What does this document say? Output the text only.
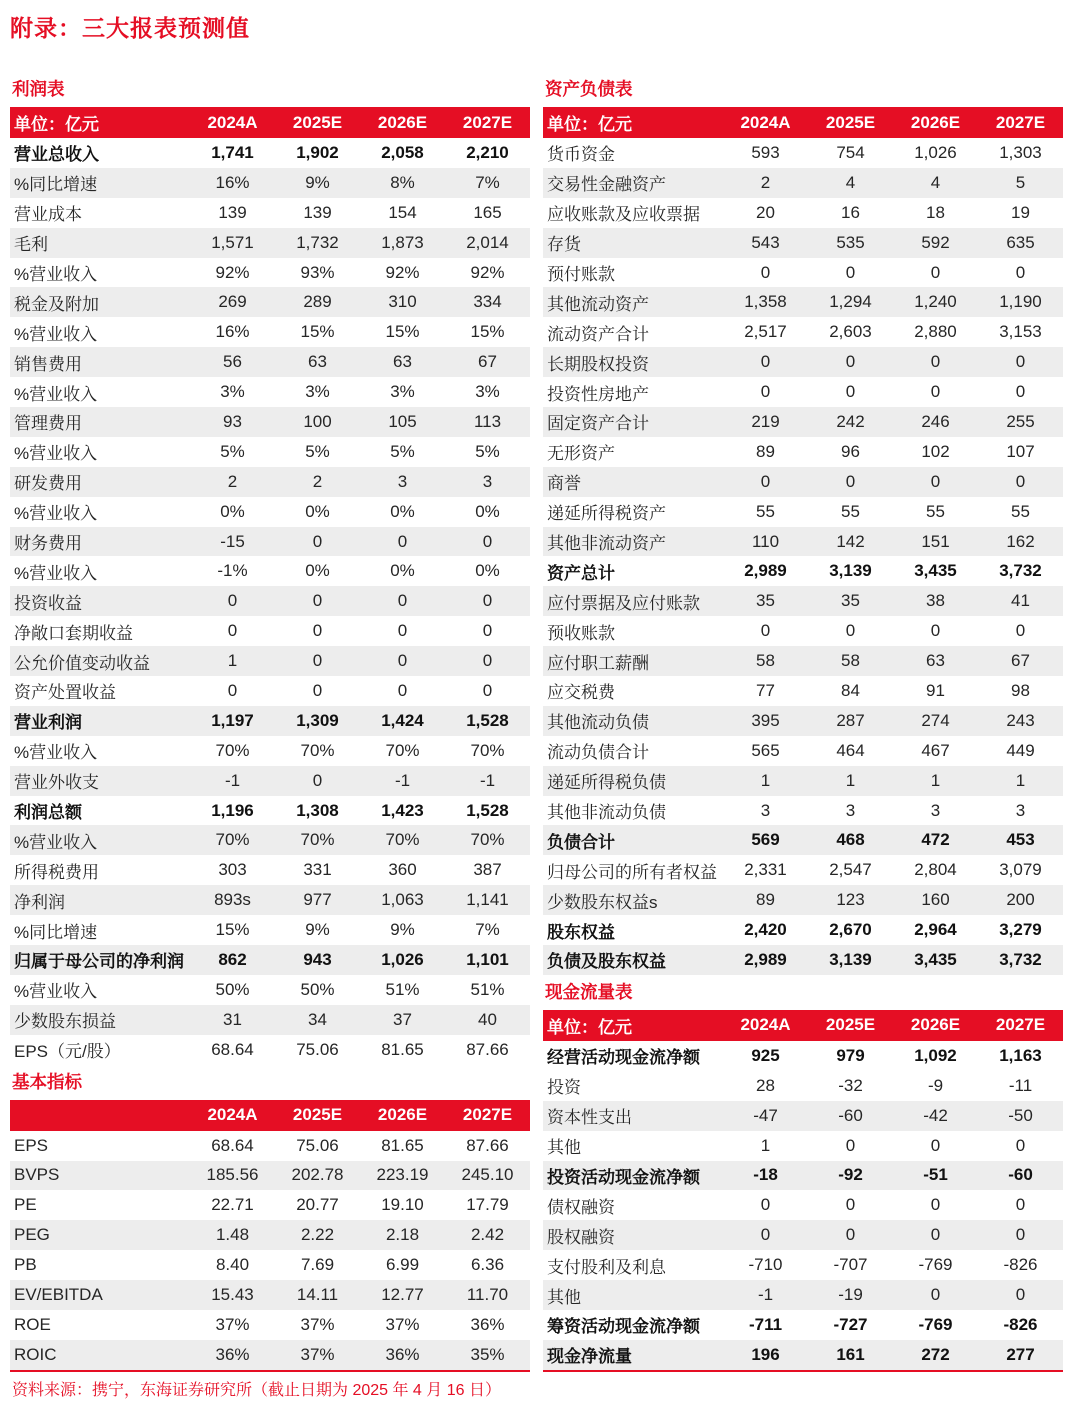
附录：三大报表预测值
利润表
单位：亿元	2024A	2025E	2026E	2027E
营业总收入	1,741	1,902	2,058	2,210
%同比增速	16%	9%	8%	7%
营业成本	139	139	154	165
毛利	1,571	1,732	1,873	2,014
%营业收入	92%	93%	92%	92%
税金及附加	269	289	310	334
%营业收入	16%	15%	15%	15%
销售费用	56	63	63	67
%营业收入	3%	3%	3%	3%
管理费用	93	100	105	113
%营业收入	5%	5%	5%	5%
研发费用	2	2	3	3
%营业收入	0%	0%	0%	0%
财务费用	-15	0	0	0
%营业收入	-1%	0%	0%	0%
投资收益	0	0	0	0
净敞口套期收益	0	0	0	0
公允价值变动收益	1	0	0	0
资产处置收益	0	0	0	0
营业利润	1,197	1,309	1,424	1,528
%营业收入	70%	70%	70%	70%
营业外收支	-1	0	-1	-1
利润总额	1,196	1,308	1,423	1,528
%营业收入	70%	70%	70%	70%
所得税费用	303	331	360	387
净利润	893s	977	1,063	1,141
%同比增速	15%	9%	9%	7%
归属于母公司的净利润	862	943	1,026	1,101
%营业收入	50%	50%	51%	51%
少数股东损益	31	34	37	40
EPS（元/股）	68.64	75.06	81.65	87.66
基本指标
	2024A	2025E	2026E	2027E
EPS	68.64	75.06	81.65	87.66
BVPS	185.56	202.78	223.19	245.10
PE	22.71	20.77	19.10	17.79
PEG	1.48	2.22	2.18	2.42
PB	8.40	7.69	6.99	6.36
EV/EBITDA	15.43	14.11	12.77	11.70
ROE	37%	37%	37%	36%
ROIC	36%	37%	36%	35%
资料来源：携宁，东海证券研究所（截止日期为 2025 年 4 月 16 日）
资产负债表
单位：亿元	2024A	2025E	2026E	2027E
货币资金	593	754	1,026	1,303
交易性金融资产	2	4	4	5
应收账款及应收票据	20	16	18	19
存货	543	535	592	635
预付账款	0	0	0	0
其他流动资产	1,358	1,294	1,240	1,190
流动资产合计	2,517	2,603	2,880	3,153
长期股权投资	0	0	0	0
投资性房地产	0	0	0	0
固定资产合计	219	242	246	255
无形资产	89	96	102	107
商誉	0	0	0	0
递延所得税资产	55	55	55	55
其他非流动资产	110	142	151	162
资产总计	2,989	3,139	3,435	3,732
应付票据及应付账款	35	35	38	41
预收账款	0	0	0	0
应付职工薪酬	58	58	63	67
应交税费	77	84	91	98
其他流动负债	395	287	274	243
流动负债合计	565	464	467	449
递延所得税负债	1	1	1	1
其他非流动负债	3	3	3	3
负债合计	569	468	472	453
归母公司的所有者权益	2,331	2,547	2,804	3,079
少数股东权益s	89	123	160	200
股东权益	2,420	2,670	2,964	3,279
负债及股东权益	2,989	3,139	3,435	3,732
现金流量表
单位：亿元	2024A	2025E	2026E	2027E
经营活动现金流净额	925	979	1,092	1,163
投资	28	-32	-9	-11
资本性支出	-47	-60	-42	-50
其他	1	0	0	0
投资活动现金流净额	-18	-92	-51	-60
债权融资	0	0	0	0
股权融资	0	0	0	0
支付股利及利息	-710	-707	-769	-826
其他	-1	-19	0	0
筹资活动现金流净额	-711	-727	-769	-826
现金净流量	196	161	272	277
